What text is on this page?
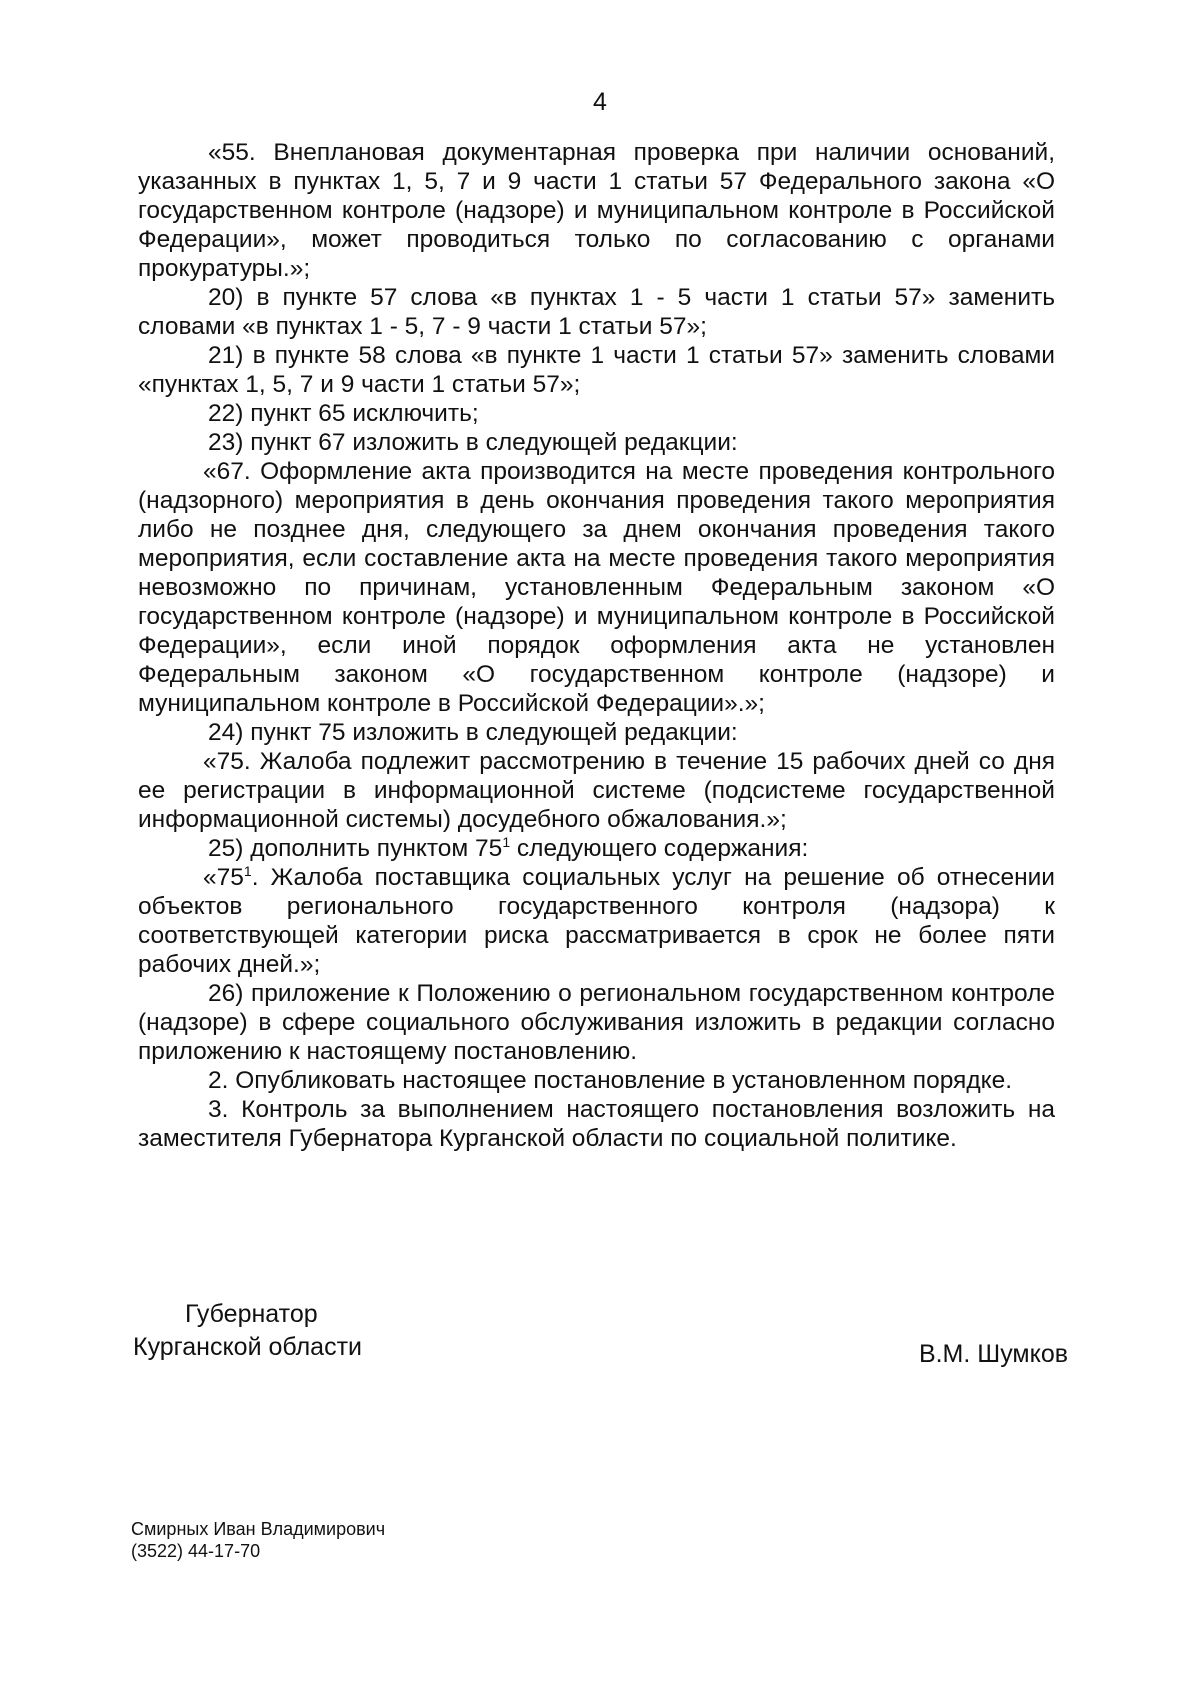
4

«55. Внеплановая документарная проверка при наличии оснований, указанных в пунктах 1, 5, 7 и 9 части 1 статьи 57 Федерального закона «О государственном контроле (надзоре) и муниципальном контроле в Российской Федерации», может проводиться только по согласованию с органами прокуратуры.»;

20) в пункте 57 слова «в пунктах 1 - 5 части 1 статьи 57» заменить словами «в пунктах 1 - 5, 7 - 9 части 1 статьи 57»;

21) в пункте 58 слова «в пункте 1 части 1 статьи 57» заменить словами «пунктах 1, 5, 7 и 9 части 1 статьи 57»;

22) пункт 65 исключить;

23) пункт 67 изложить в следующей редакции:

«67. Оформление акта производится на месте проведения контрольного (надзорного) мероприятия в день окончания проведения такого мероприятия либо не позднее дня, следующего за днем окончания проведения такого мероприятия, если составление акта на месте проведения такого мероприятия невозможно по причинам, установленным Федеральным законом «О государственном контроле (надзоре) и муниципальном контроле в Российской Федерации», если иной порядок оформления акта не установлен Федеральным законом «О государственном контроле (надзоре) и муниципальном контроле в Российской Федерации».»;

24) пункт 75 изложить в следующей редакции:

«75. Жалоба подлежит рассмотрению в течение 15 рабочих дней со дня ее регистрации в информационной системе (подсистеме государственной информационной системы) досудебного обжалования.»;

25) дополнить пунктом $75^1$ следующего содержания:

«$75^1$. Жалоба поставщика социальных услуг на решение об отнесении объектов регионального государственного контроля (надзора) к соответствующей категории риска рассматривается в срок не более пяти рабочих дней.»;

26) приложение к Положению о региональном государственном контроле (надзоре) в сфере социального обслуживания изложить в редакции согласно приложению к настоящему постановлению.

2. Опубликовать настоящее постановление в установленном порядке.

3. Контроль за выполнением настоящего постановления возложить на заместителя Губернатора Курганской области по социальной политике.

Губернатор
Курганской области	В.М. Шумков
Смирных Иван Владимирович
(3522) 44-17-70
